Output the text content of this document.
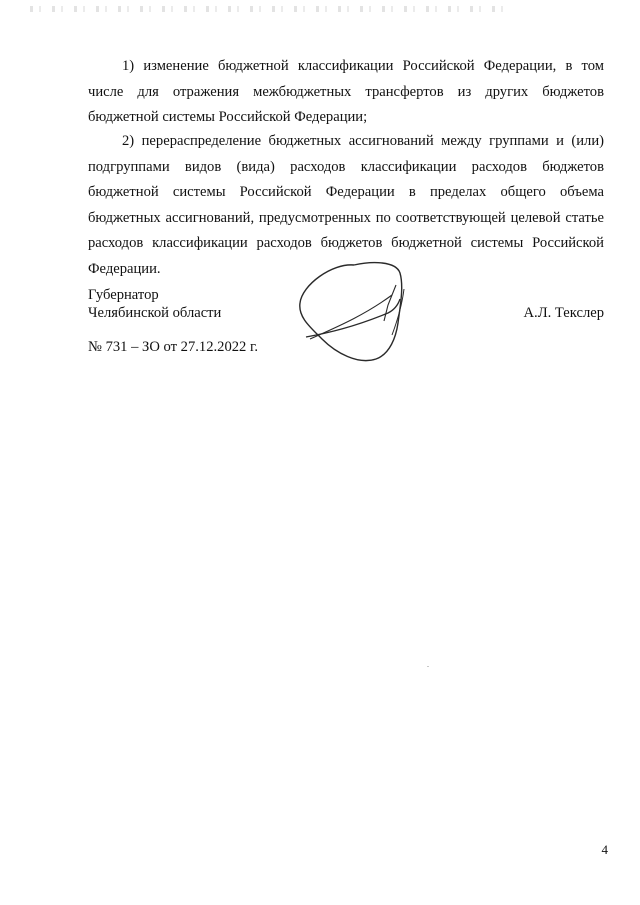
1) изменение бюджетной классификации Российской Федерации, в том числе для отражения межбюджетных трансфертов из других бюджетов бюджетной системы Российской Федерации;

2) перераспределение бюджетных ассигнований между группами и (или) подгруппами видов (вида) расходов классификации расходов бюджетов бюджетной системы Российской Федерации в пределах общего объема бюджетных ассигнований, предусмотренных по соответствующей целевой статье расходов классификации расходов бюджетов бюджетной системы Российской Федерации.

Губернатор
Челябинской области	А.Л. Текслер
№ 731 – ЗО от 27.12.2022 г.
4
